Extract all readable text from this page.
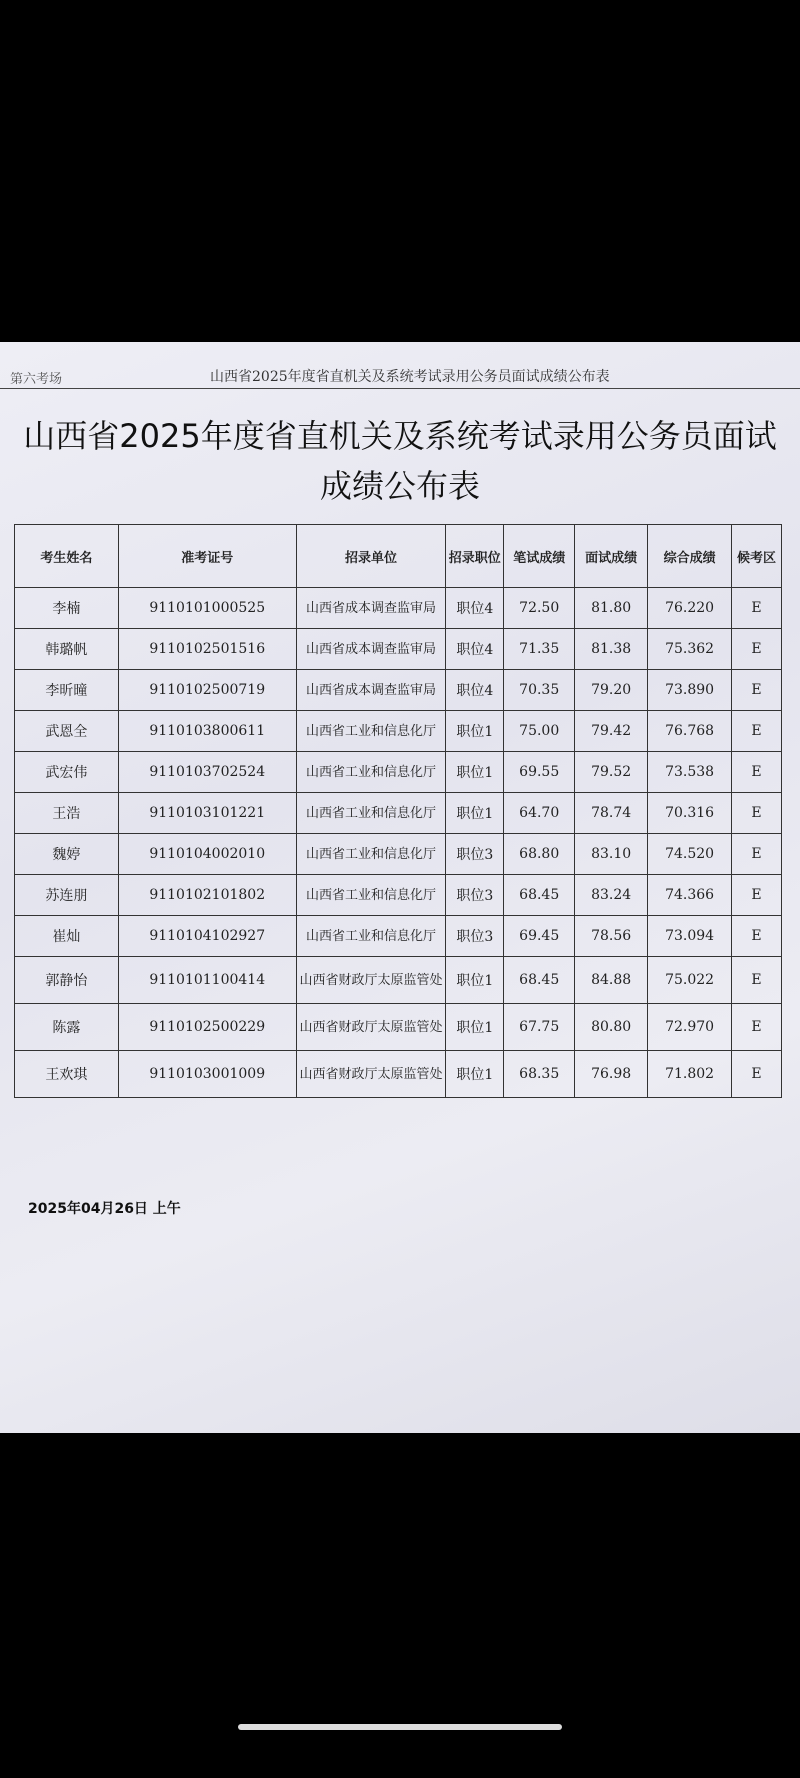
第六考场	山西省2025年度省直机关及系统考试录用公务员面试成绩公布表
山西省2025年度省直机关及系统考试录用公务员面试
成绩公布表
考生姓名	准考证号	招录单位	招录职位	笔试成绩	面试成绩	综合成绩	候考区
李楠	9110101000525	山西省成本调查监审局	职位4	72.50	81.80	76.220	E
韩璐帆	9110102501516	山西省成本调查监审局	职位4	71.35	81.38	75.362	E
李昕曈	9110102500719	山西省成本调查监审局	职位4	70.35	79.20	73.890	E
武恩全	9110103800611	山西省工业和信息化厅	职位1	75.00	79.42	76.768	E
武宏伟	9110103702524	山西省工业和信息化厅	职位1	69.55	79.52	73.538	E
王浩	9110103101221	山西省工业和信息化厅	职位1	64.70	78.74	70.316	E
魏婷	9110104002010	山西省工业和信息化厅	职位3	68.80	83.10	74.520	E
苏连朋	9110102101802	山西省工业和信息化厅	职位3	68.45	83.24	74.366	E
崔灿	9110104102927	山西省工业和信息化厅	职位3	69.45	78.56	73.094	E
郭静怡	9110101100414	山西省财政厅太原监管处	职位1	68.45	84.88	75.022	E
陈露	9110102500229	山西省财政厅太原监管处	职位1	67.75	80.80	72.970	E
王欢琪	9110103001009	山西省财政厅太原监管处	职位1	68.35	76.98	71.802	E
2025年04月26日 上午
